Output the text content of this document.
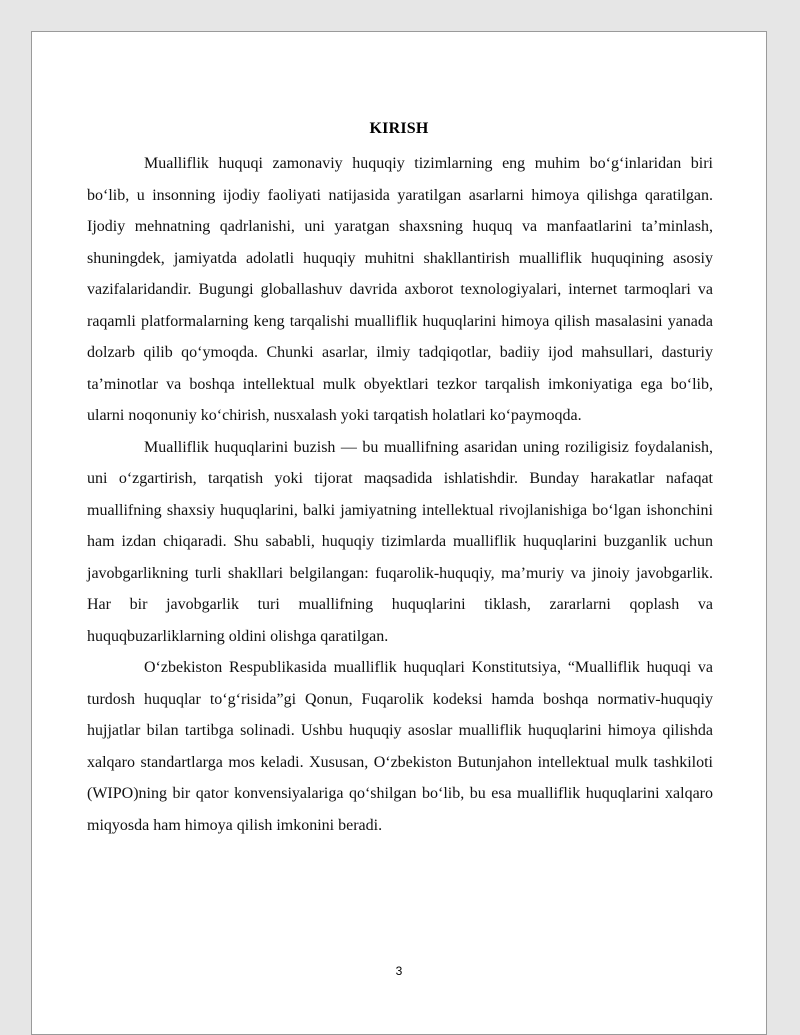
KIRISH

Mualliflik huquqi zamonaviy huquqiy tizimlarning eng muhim bo‘g‘inlaridan biri bo‘lib, u insonning ijodiy faoliyati natijasida yaratilgan asarlarni himoya qilishga qaratilgan. Ijodiy mehnatning qadrlanishi, uni yaratgan shaxsning huquq va manfaatlarini ta’minlash, shuningdek, jamiyatda adolatli huquqiy muhitni shakllantirish mualliflik huquqining asosiy vazifalaridandir. Bugungi globallashuv davrida axborot texnologiyalari, internet tarmoqlari va raqamli platformalarning keng tarqalishi mualliflik huquqlarini himoya qilish masalasini yanada dolzarb qilib qo‘ymoqda. Chunki asarlar, ilmiy tadqiqotlar, badiiy ijod mahsullari, dasturiy ta’minotlar va boshqa intellektual mulk obyektlari tezkor tarqalish imkoniyatiga ega bo‘lib, ularni noqonuniy ko‘chirish, nusxalash yoki tarqatish holatlari ko‘paymoqda.

Mualliflik huquqlarini buzish — bu muallifning asaridan uning roziligisiz foydalanish, uni o‘zgartirish, tarqatish yoki tijorat maqsadida ishlatishdir. Bunday harakatlar nafaqat muallifning shaxsiy huquqlarini, balki jamiyatning intellektual rivojlanishiga bo‘lgan ishonchini ham izdan chiqaradi. Shu sababli, huquqiy tizimlarda mualliflik huquqlarini buzganlik uchun javobgarlikning turli shakllari belgilangan: fuqarolik-huquqiy, ma’muriy va jinoiy javobgarlik. Har bir javobgarlik turi muallifning huquqlarini tiklash, zararlarni qoplash va huquqbuzarliklarning oldini olishga qaratilgan.

O‘zbekiston Respublikasida mualliflik huquqlari Konstitutsiya, “Mualliflik huquqi va turdosh huquqlar to‘g‘risida”gi Qonun, Fuqarolik kodeksi hamda boshqa normativ-huquqiy hujjatlar bilan tartibga solinadi. Ushbu huquqiy asoslar mualliflik huquqlarini himoya qilishda xalqaro standartlarga mos keladi. Xususan, O‘zbekiston Butunjahon intellektual mulk tashkiloti (WIPO)ning bir qator konvensiyalariga qo‘shilgan bo‘lib, bu esa mualliflik huquqlarini xalqaro miqyosda ham himoya qilish imkonini beradi.

3
